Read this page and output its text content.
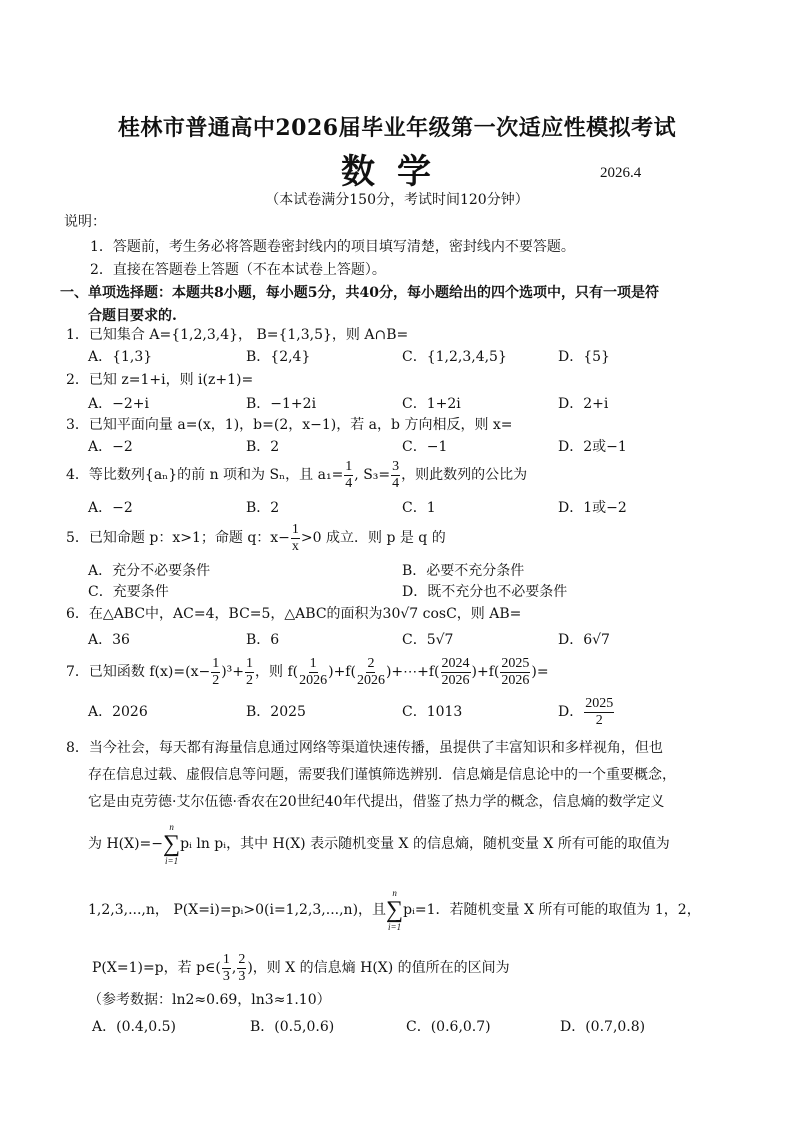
桂林市普通高中2026届毕业年级第一次适应性模拟考试
数学	2026.4
（本试卷满分150分，考试时间120分钟）
说明：
1．答题前，考生务必将答题卷密封线内的项目填写清楚，密封线内不要答题。
2．直接在答题卷上答题（不在本试卷上答题）。
一、单项选择题：本题共8小题，每小题5分，共40分，每小题给出的四个选项中，只有一项是符
合题目要求的.
1．已知集合 A={1,2,3,4}， B={1,3,5}，则 A∩B=
A．{1,3}	B．{2,4}	C．{1,2,3,4,5}	D．{5}
2．已知 z=1+i，则 i(z+1)=
A．−2+i	B．−1+2i	C．1+2i	D．2+i
3．已知平面向量 a=(x，1)，b=(2，x−1)，若 a，b 方向相反，则 x=
A．−2	B．2	C．−1	D．2或−1
4．等比数列{aₙ}的前 n 项和为 Sₙ，且 $a_1= \frac{1}{4}$ , $S_3= \frac{3}{4}$ ，则此数列的公比为
A．−2	B．2	C．1	D．1或−2
5．已知命题 p：x>1；命题 q：$x- \frac{1}{x} >0$ 成立．则 p 是 q 的
A．充分不必要条件	B．必要不充分条件
C．充要条件	D．既不充分也不必要条件
6．在△ABC中，AC=4，BC=5，△ABC的面积为30√7 cosC，则 AB=
A．36	B．6	C．5√7	D．6√7
7．已知函数 $f(x)=(x- \frac{1}{2} )^3+ \frac{1}{2}$ ，则 $f( \frac{1}{2026} )+f( \frac{2}{2026}$ )+⋯+f( $\frac{2024}{2026} )+f( \frac{2025}{2026}$ )=
A．2026	B．2025	C．1013	D． $\frac{2025}{2}$
8．当今社会，每天都有海量信息通过网络等渠道快速传播，虽提供了丰富知识和多样视角，但也
存在信息过载、虚假信息等问题，需要我们谨慎筛选辨别．信息熵是信息论中的一个重要概念，
它是由克劳德·艾尔伍德·香农在20世纪40年代提出，借鉴了热力学的概念，信息熵的数学定义
为 H(X)=−
n
∑
i=1
pᵢ ln pᵢ，其中 H(X) 表示随机变量 X 的信息熵，随机变量 X 所有可能的取值为
1,2,3,...,n， P(X=i)=pᵢ>0(i=1,2,3,...,n)，且
n
∑
i=1
pᵢ=1．若随机变量 X 所有可能的取值为 1，2，
P(X=1)=p，若 p∈( $\frac{1}{3}$ , $\frac{2}{3}$ )，则 X 的信息熵 H(X) 的值所在的区间为
（参考数据：ln2≈0.69，ln3≈1.10）
A．(0.4,0.5)	B．(0.5,0.6)	C．(0.6,0.7)	D．(0.7,0.8)
